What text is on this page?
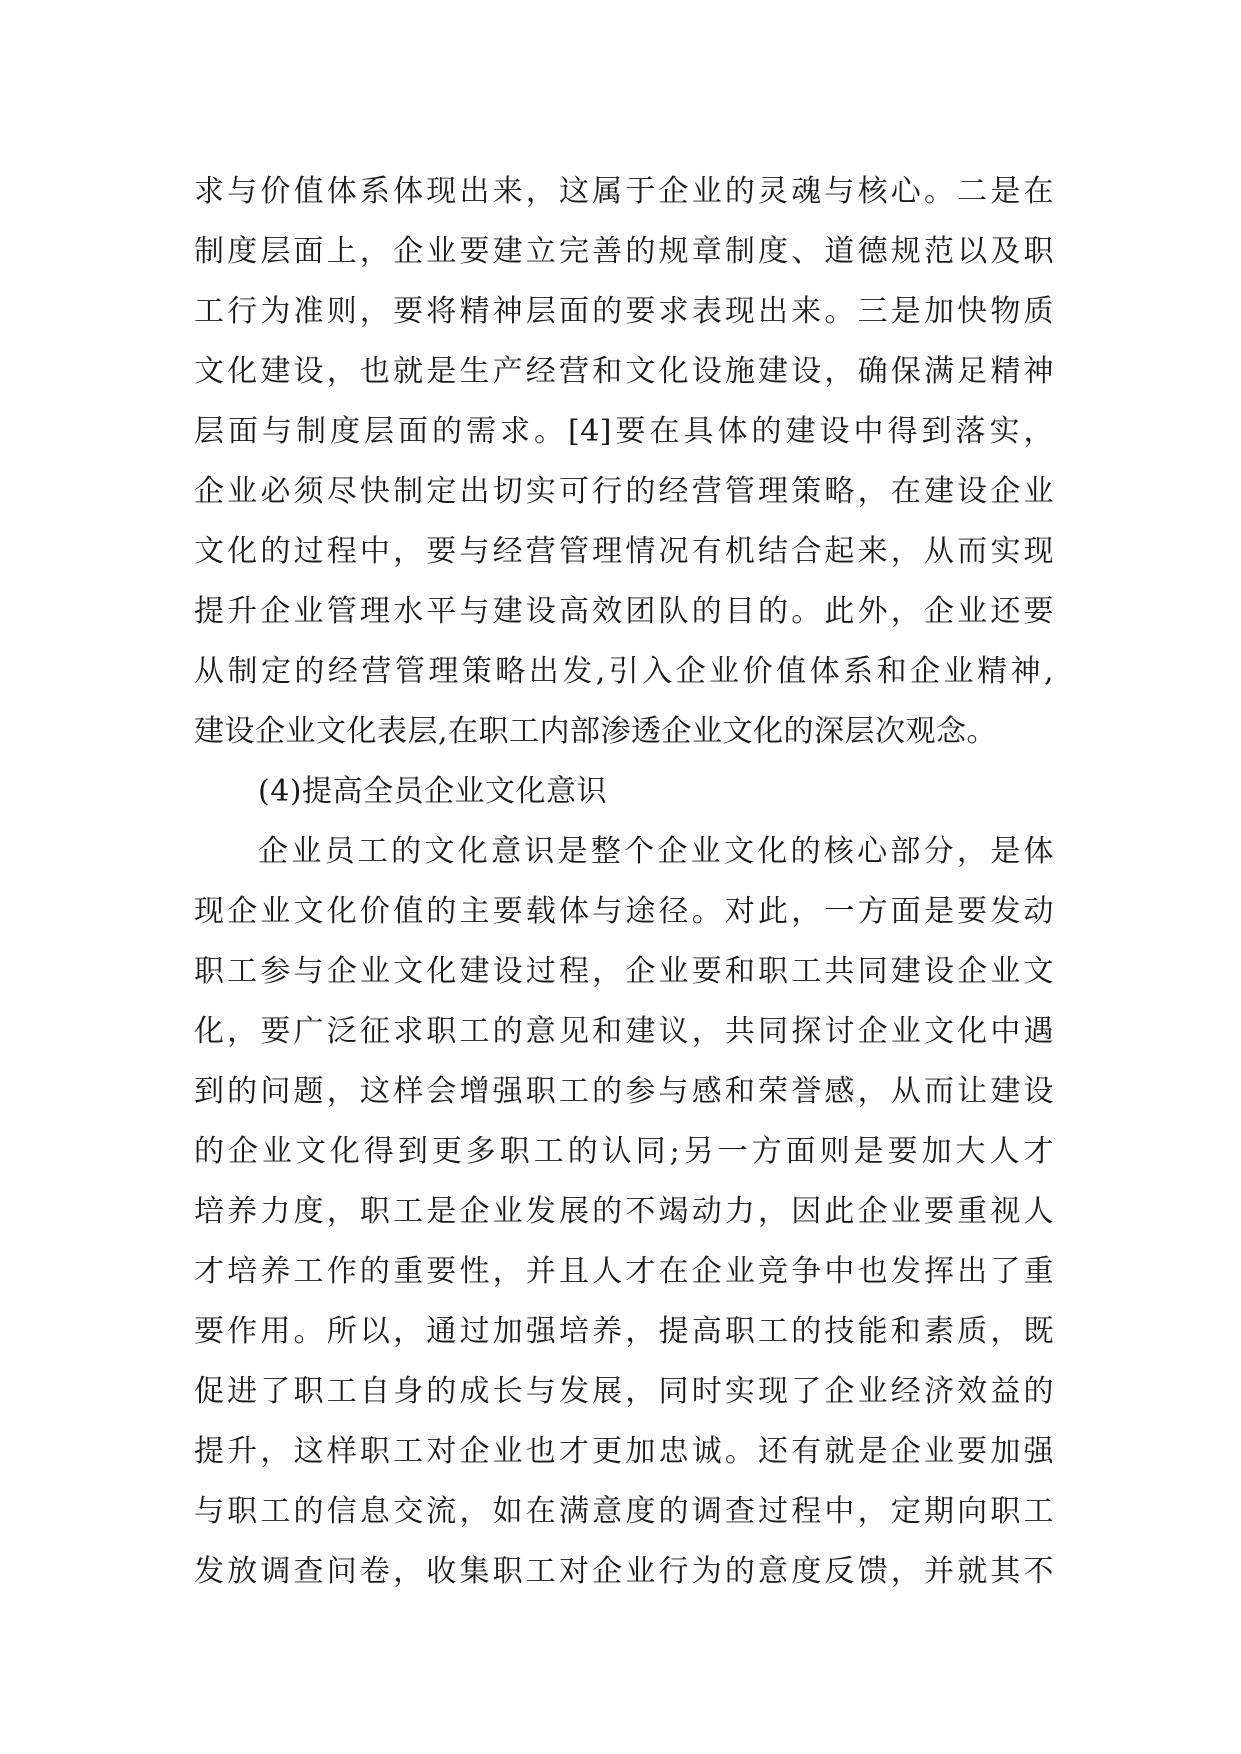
求与价值体系体现出来，这属于企业的灵魂与核心。二是在
制度层面上，企业要建立完善的规章制度、道德规范以及职
工行为准则，要将精神层面的要求表现出来。三是加快物质
文化建设，也就是生产经营和文化设施建设，确保满足精神
层面与制度层面的需求。[4]要在具体的建设中得到落实，
企业必须尽快制定出切实可行的经营管理策略，在建设企业
文化的过程中，要与经营管理情况有机结合起来，从而实现
提升企业管理水平与建设高效团队的目的。此外，企业还要
从制定的经营管理策略出发,引入企业价值体系和企业精神,
建设企业文化表层,在职工内部渗透企业文化的深层次观念。
(4)提高全员企业文化意识
企业员工的文化意识是整个企业文化的核心部分，是体
现企业文化价值的主要载体与途径。对此，一方面是要发动
职工参与企业文化建设过程，企业要和职工共同建设企业文
化，要广泛征求职工的意见和建议，共同探讨企业文化中遇
到的问题，这样会增强职工的参与感和荣誉感，从而让建设
的企业文化得到更多职工的认同;另一方面则是要加大人才
培养力度，职工是企业发展的不竭动力，因此企业要重视人
才培养工作的重要性，并且人才在企业竞争中也发挥出了重
要作用。所以，通过加强培养，提高职工的技能和素质，既
促进了职工自身的成长与发展，同时实现了企业经济效益的
提升，这样职工对企业也才更加忠诚。还有就是企业要加强
与职工的信息交流，如在满意度的调查过程中，定期向职工
发放调查问卷，收集职工对企业行为的意度反馈，并就其不
